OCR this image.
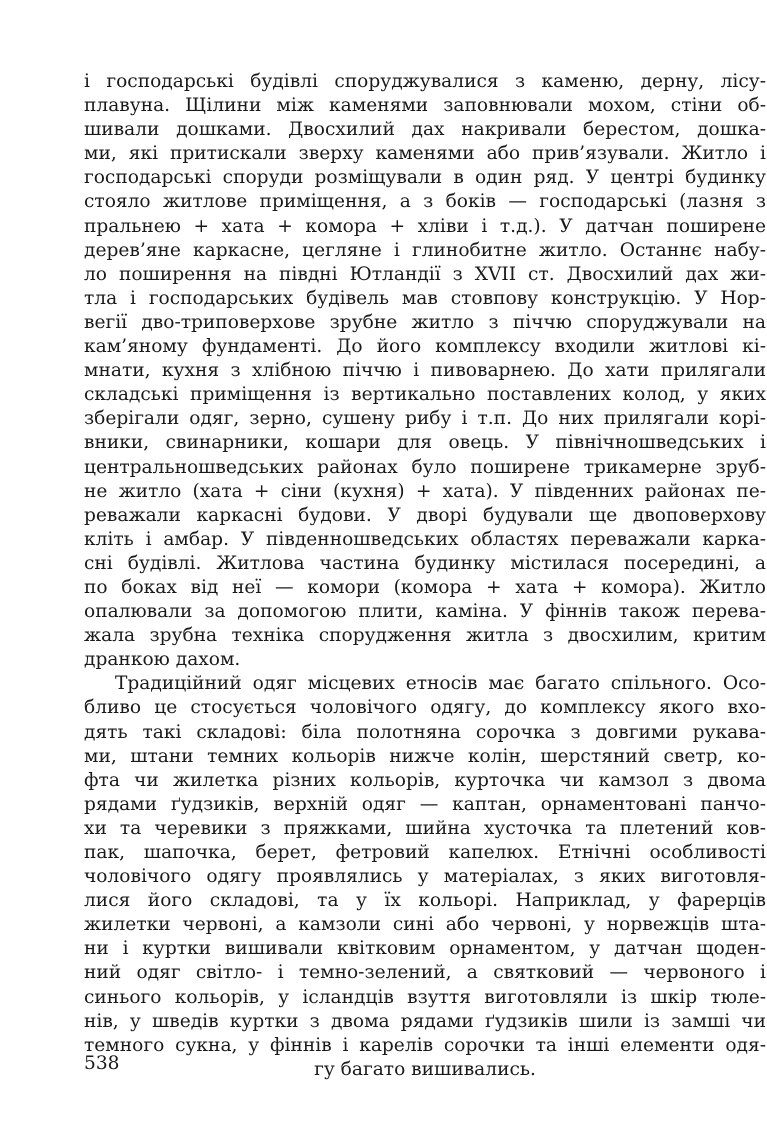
і господарські будівлі споруджувалися з каменю, дерну, лісу-
плавуна. Щілини між каменями заповнювали мохом, стіни об-
шивали дошками. Двосхилий дах накривали берестом, дошка-
ми, які притискали зверху каменями або прив’язували. Житло і
господарські споруди розміщували в один ряд. У центрі будинку
стояло житлове приміщення, а з боків — господарські (лазня з
пральнею + хата + комора + хліви і т.д.). У датчан поширене
дерев’яне каркасне, цегляне і глинобитне житло. Останнє набу-
ло поширення на півдні Ютландії з XVII ст. Двосхилий дах жи-
тла і господарських будівель мав стовпову конструкцію. У Нор-
вегії дво-триповерхове зрубне житло з піччю споруджували на
кам’яному фундаменті. До його комплексу входили житлові кі-
мнати, кухня з хлібною піччю і пивоварнею. До хати прилягали
складські приміщення із вертикально поставлених колод, у яких
зберігали одяг, зерно, сушену рибу і т.п. До них прилягали корі-
вники, свинарники, кошари для овець. У північношведських і
центральношведських районах було поширене трикамерне зруб-
не житло (хата + сіни (кухня) + хата). У південних районах пе-
реважали каркасні будови. У дворі будували ще двоповерхову
кліть і амбар. У південношведських областях переважали карка-
сні будівлі. Житлова частина будинку містилася посередині, а
по боках від неї — комори (комора + хата + комора). Житло
опалювали за допомогою плити, каміна. У фіннів також перева-
жала зрубна техніка спорудження житла з двосхилим, критим
дранкою дахом.
Традиційний одяг місцевих етносів має багато спільного. Осо-
бливо це стосується чоловічого одягу, до комплексу якого вхо-
дять такі складові: біла полотняна сорочка з довгими рукава-
ми, штани темних кольорів нижче колін, шерстяний светр, ко-
фта чи жилетка різних кольорів, курточка чи камзол з двома
рядами ґудзиків, верхній одяг — каптан, орнаментовані панчо-
хи та черевики з пряжками, шийна хусточка та плетений ков-
пак, шапочка, берет, фетровий капелюх. Етнічні особливості
чоловічого одягу проявлялись у матеріалах, з яких виготовля-
лися його складові, та у їх кольорі. Наприклад, у фарерців
жилетки червоні, а камзоли сині або червоні, у норвежців шта-
ни і куртки вишивали квітковим орнаментом, у датчан щоден-
ний одяг світло- і темно-зелений, а святковий — червоного і
синього кольорів, у ісландців взуття виготовляли із шкір тюле-
нів, у шведів куртки з двома рядами ґудзиків шили із замші чи
темного сукна, у фіннів і карелів сорочки та інші елементи одя-
гу багато вишивались.
538
